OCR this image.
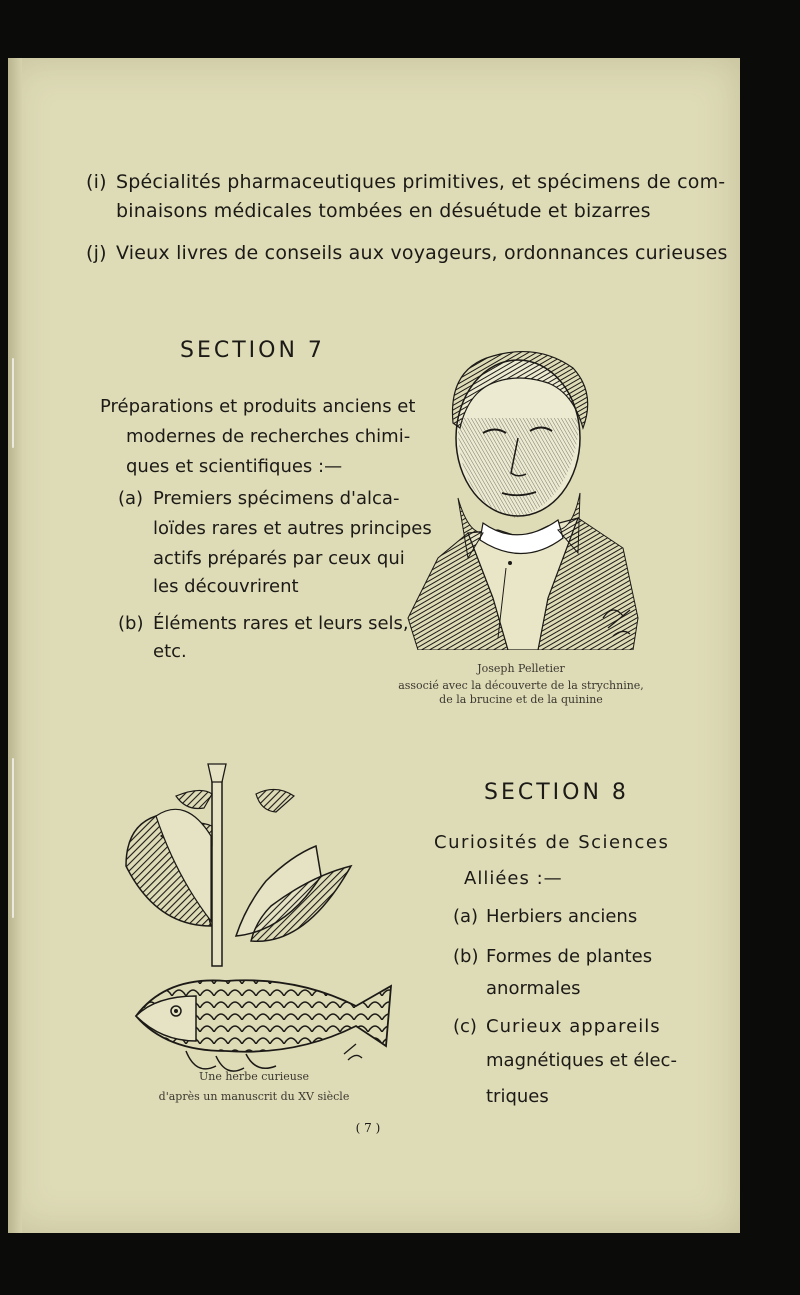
(i) Spécialités pharmaceutiques primitives, et spécimens de com-
binaisons médicales tombées en désuétude et bizarres
(j) Vieux livres de conseils aux voyageurs, ordonnances curieuses
SECTION 7
Préparations et produits anciens et
modernes de recherches chimi-
ques et scientifiques :—
(a) Premiers spécimens d'alca-
loïdes rares et autres principes
actifs préparés par ceux qui
les découvrirent
(b) Éléments rares et leurs sels,
etc.
Joseph Pelletier
associé avec la découverte de la strychnine,
de la brucine et de la quinine
Une herbe curieuse
d'après un manuscrit du XV siècle
SECTION 8
Curiosités de Sciences
Alliées :—
(a) Herbiers anciens
(b) Formes de plantes
anormales
(c) Curieux appareils
magnétiques et élec-
triques
( 7 )
